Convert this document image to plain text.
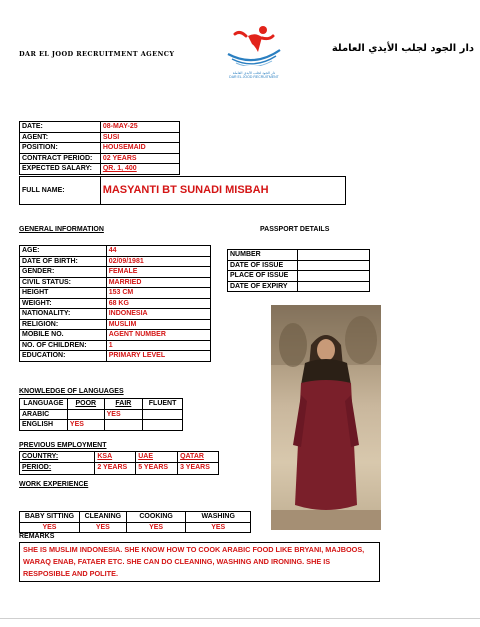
DAR EL JOOD RECRUITMENT AGENCY
دار الجود لجلب الأيدي العاملة
DAR EL JOOD RECRUITMENT
دار الجود لجلب الأيدي العاملة
DATE:	08-MAY-25
AGENT:	SUSI
POSITION:	HOUSEMAID
CONTRACT PERIOD:	02 YEARS
EXPECTED SALARY:	QR. 1, 400
FULL NAME:	MASYANTI BT SUNADI MISBAH
GENERAL INFORMATION	PASSPORT DETAILS
AGE:	44
DATE OF BIRTH:	02/09/1981
GENDER:	FEMALE
CIVIL STATUS:	MARRIED
HEIGHT	153 CM
WEIGHT:	68 KG
NATIONALITY:	INDONESIA
RELIGION:	MUSLIM
MOBILE NO.	AGENT NUMBER
NO. OF CHILDREN:	1
EDUCATION:	PRIMARY LEVEL
NUMBER	
DATE OF ISSUE	
PLACE OF ISSUE	
DATE OF EXPIRY	
KNOWLEDGE OF LANGUAGES
LANGUAGE	POOR	FAIR	FLUENT
ARABIC		YES	
ENGLISH	YES		
PREVIOUS EMPLOYMENT
COUNTRY:	KSA	UAE	QATAR
PERIOD:	2 YEARS	5 YEARS	3 YEARS
WORK EXPERIENCE
BABY SITTING	CLEANING	COOKING	WASHING
YES	YES	YES	YES
REMARKS
SHE IS MUSLIM INDONESIA. SHE KNOW HOW TO COOK ARABIC FOOD LIKE BRYANI, MAJBOOS, WARAQ ENAB, FATAER ETC. SHE CAN DO CLEANING, WASHING AND IRONING. SHE IS RESPOSIBLE AND POLITE.
